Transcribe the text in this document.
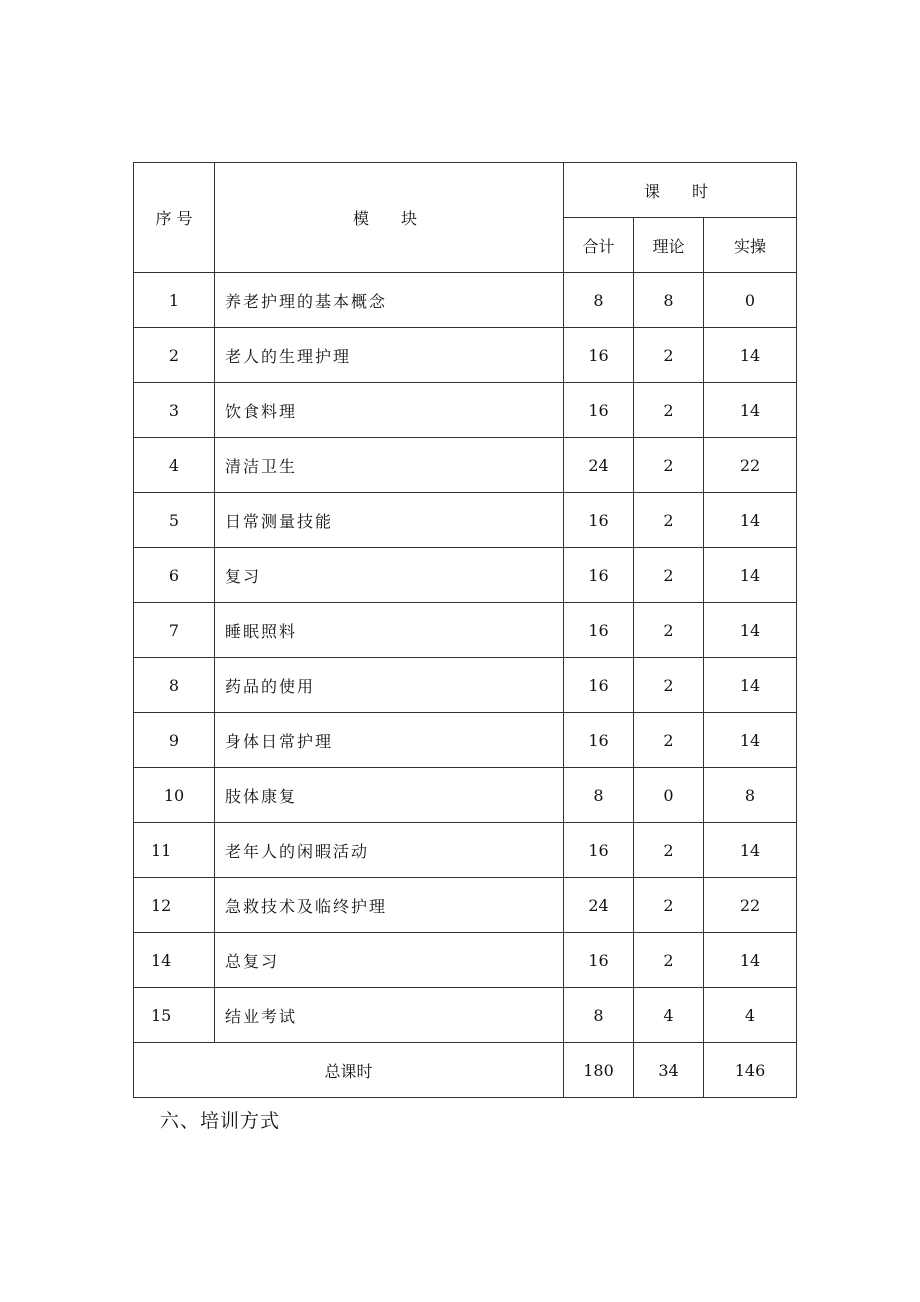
序 号	模　块	课　时		
		合计	理论	实操
1	养老护理的基本概念	8	8	0
2	老人的生理护理	16	2	14
3	饮食料理	16	2	14
4	清洁卫生	24	2	22
5	日常测量技能	16	2	14
6	复习	16	2	14
7	睡眠照料	16	2	14
8	药品的使用	16	2	14
9	身体日常护理	16	2	14
10	肢体康复	8	0	8
11	老年人的闲暇活动	16	2	14
12	急救技术及临终护理	24	2	22
14	总复习	16	2	14
15	结业考试	8	4	4
总课时		180	34	146
六、培训方式
